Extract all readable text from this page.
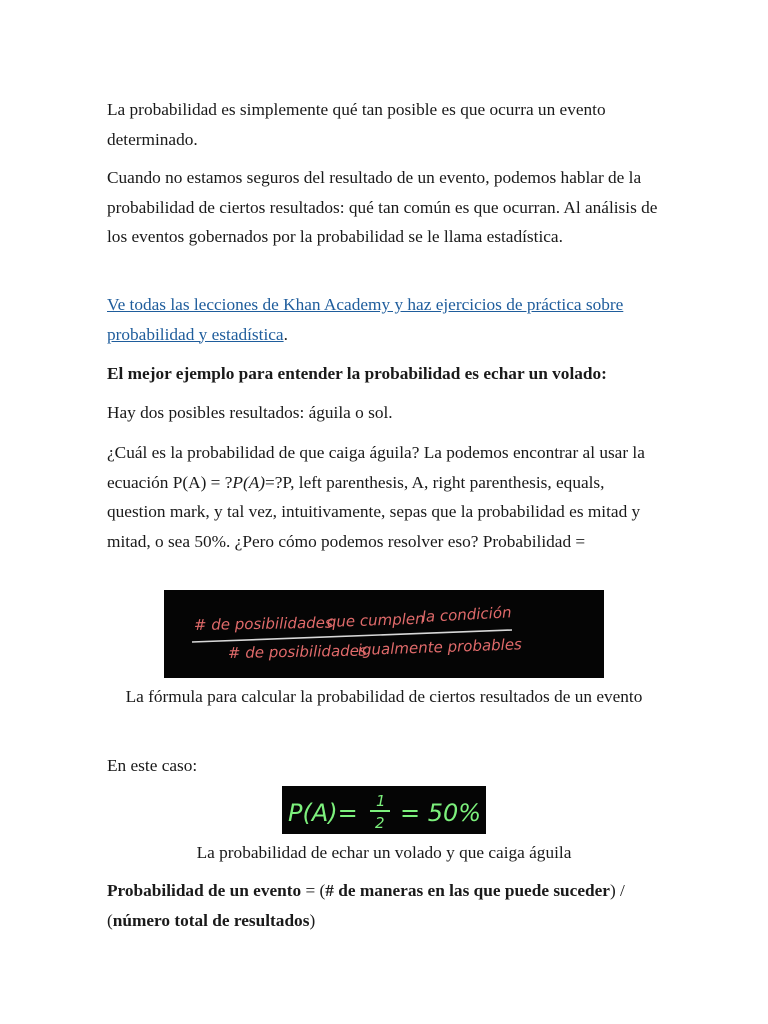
La probabilidad es simplemente qué tan posible es que ocurra un evento determinado.

Cuando no estamos seguros del resultado de un evento, podemos hablar de la probabilidad de ciertos resultados: qué tan común es que ocurran. Al análisis de los eventos gobernados por la probabilidad se le llama estadística.

Ve todas las lecciones de Khan Academy y haz ejercicios de práctica sobre probabilidad y estadística.

El mejor ejemplo para entender la probabilidad es echar un volado:

Hay dos posibles resultados: águila o sol.

¿Cuál es la probabilidad de que caiga águila? La podemos encontrar al usar la ecuación P(A) = ?P(A)=?P, left parenthesis, A, right parenthesis, equals, question mark, y tal vez, intuitivamente, sepas que la probabilidad es mitad y mitad, o sea 50%. ¿Pero cómo podemos resolver eso? Probabilidad =

# de posibilidades
que cumplen
la condición
# de posibilidades
igualmente probables

La fórmula para calcular la probabilidad de ciertos resultados de un evento

En este caso:

P(A)= 1
2 = 50%

La probabilidad de echar un volado y que caiga águila

Probabilidad de un evento = (# de maneras en las que puede suceder) / (número total de resultados)
